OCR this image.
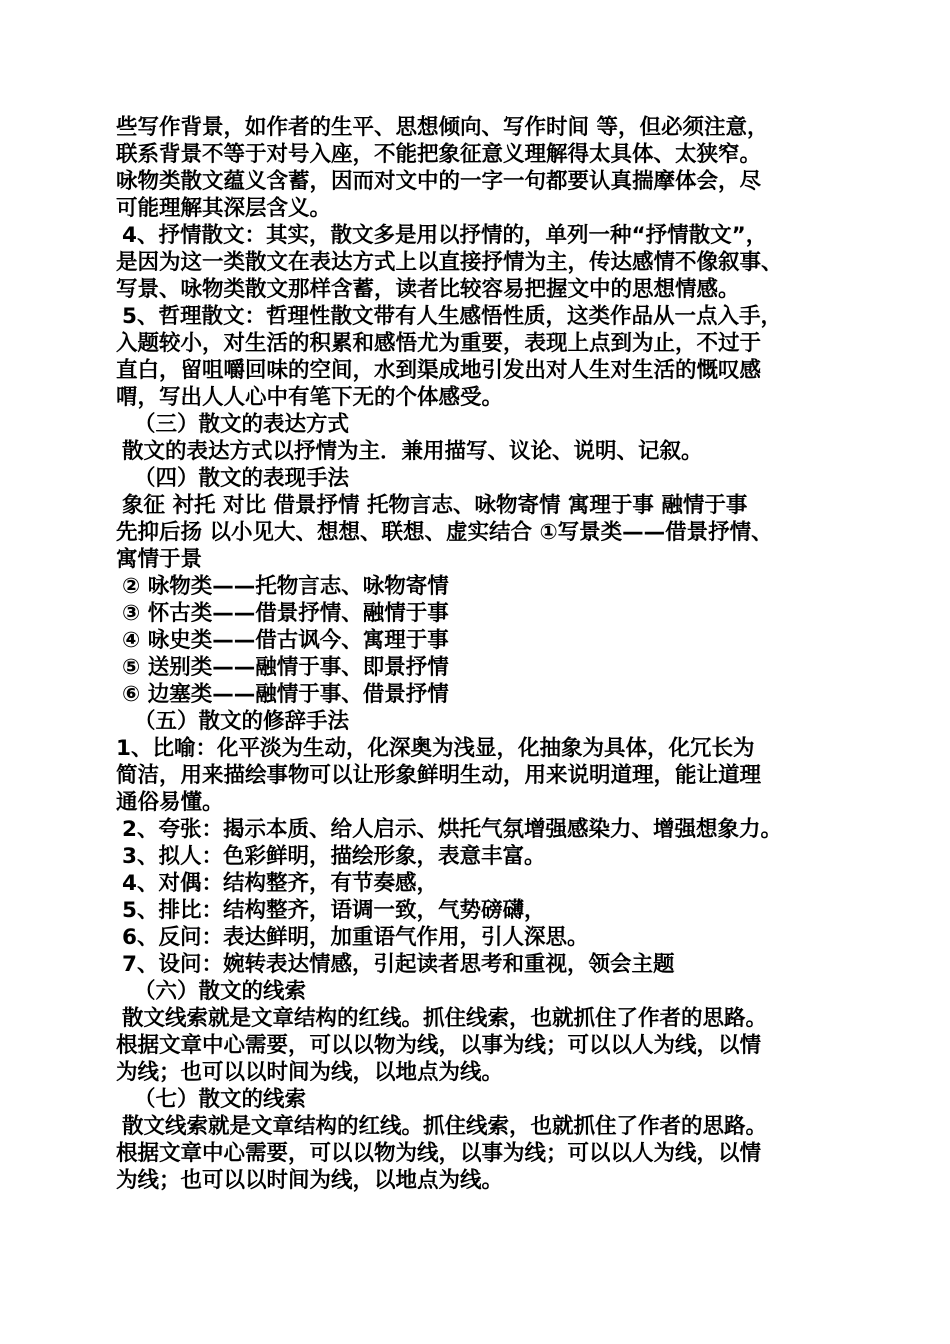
些写作背景，如作者的生平、思想倾向、写作时间 等，但必须注意，
联系背景不等于对号入座，不能把象征意义理解得太具体、太狭窄。
咏物类散文蕴义含蓄，因而对文中的一字一句都要认真揣摩体会，尽
可能理解其深层含义。
4、抒情散文：其实，散文多是用以抒情的，单列一种“抒情散文”，
是因为这一类散文在表达方式上以直接抒情为主，传达感情不像叙事、
写景、咏物类散文那样含蓄，读者比较容易把握文中的思想情感。
5、哲理散文：哲理性散文带有人生感悟性质，这类作品从一点入手，
入题较小，对生活的积累和感悟尤为重要，表现上点到为止，不过于
直白，留咀嚼回味的空间，水到渠成地引发出对人生对生活的慨叹感
喟，写出人人心中有笔下无的个体感受。
（三）散文的表达方式
散文的表达方式以抒情为主．兼用描写、议论、说明、记叙。
（四）散文的表现手法
象征 衬托 对比 借景抒情 托物言志、咏物寄情 寓理于事 融情于事
先抑后扬 以小见大、想想、联想、虚实结合 ①写景类——借景抒情、
寓情于景
② 咏物类——托物言志、咏物寄情
③ 怀古类——借景抒情、融情于事
④ 咏史类——借古讽今、寓理于事
⑤ 送别类——融情于事、即景抒情
⑥ 边塞类——融情于事、借景抒情
（五）散文的修辞手法
1、比喻：化平淡为生动，化深奥为浅显，化抽象为具体，化冗长为
简洁，用来描绘事物可以让形象鲜明生动，用来说明道理，能让道理
通俗易懂。
2、夸张：揭示本质、给人启示、烘托气氛增强感染力、增强想象力。
3、拟人：色彩鲜明，描绘形象，表意丰富。
4、对偶：结构整齐，有节奏感，
5、排比：结构整齐，语调一致，气势磅礴，
6、反问：表达鲜明，加重语气作用，引人深思。
7、设问：婉转表达情感，引起读者思考和重视，领会主题
（六）散文的线索
散文线索就是文章结构的红线。抓住线索，也就抓住了作者的思路。
根据文章中心需要，可以以物为线，以事为线；可以以人为线，以情
为线；也可以以时间为线，以地点为线。
（七）散文的线索
散文线索就是文章结构的红线。抓住线索，也就抓住了作者的思路。
根据文章中心需要，可以以物为线，以事为线；可以以人为线，以情
为线；也可以以时间为线，以地点为线。
